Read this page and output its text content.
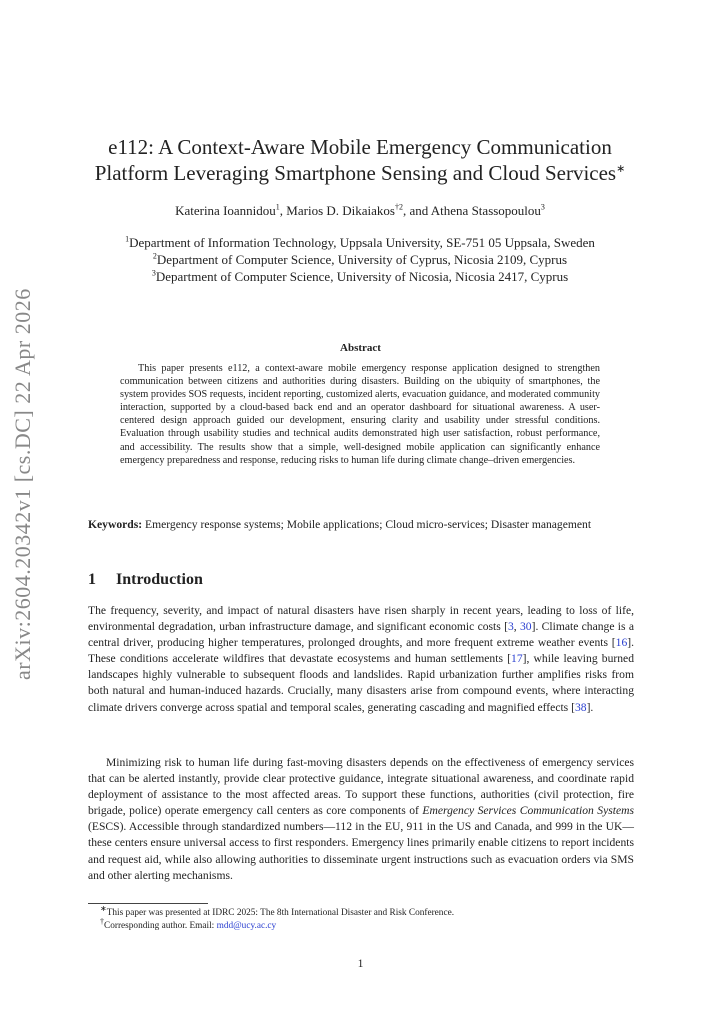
arXiv:2604.20342v1 [cs.DC] 22 Apr 2026
e112: A Context-Aware Mobile Emergency Communication
Platform Leveraging Smartphone Sensing and Cloud Services∗
Katerina Ioannidou$^1$, Marios D. Dikaiakos$^{\dagger 2}$, and Athena Stassopoulou$^3$
$^1$Department of Information Technology, Uppsala University, SE-751 05 Uppsala, Sweden
$^2$Department of Computer Science, University of Cyprus, Nicosia 2109, Cyprus
$^3$Department of Computer Science, University of Nicosia, Nicosia 2417, Cyprus
Abstract
This paper presents e112, a context-aware mobile emergency response application designed to strengthen communication between citizens and authorities during disasters. Building on the ubiquity of smartphones, the system provides SOS requests, incident reporting, customized alerts, evacuation guidance, and moderated community interaction, supported by a cloud-based back end and an operator dashboard for situational awareness. A user-centered design approach guided our development, ensuring clarity and usability under stressful conditions. Evaluation through usability studies and technical audits demonstrated high user satisfaction, robust performance, and accessibility. The results show that a simple, well-designed mobile application can significantly enhance emergency preparedness and response, reducing risks to human life during climate change–driven emergencies.
Keywords: Emergency response systems; Mobile applications; Cloud micro-services; Disaster management
1 Introduction
The frequency, severity, and impact of natural disasters have risen sharply in recent years, leading to loss of life, environmental degradation, urban infrastructure damage, and significant economic costs [3, 30]. Climate change is a central driver, producing higher temperatures, prolonged droughts, and more frequent extreme weather events [16]. These conditions accelerate wildfires that devastate ecosystems and human settlements [17], while leaving burned landscapes highly vulnerable to subsequent floods and landslides. Rapid urbanization further amplifies risks from both natural and human-induced hazards. Crucially, many disasters arise from compound events, where interacting climate drivers converge across spatial and temporal scales, generating cascading and magnified effects [38].
Minimizing risk to human life during fast-moving disasters depends on the effectiveness of emergency services that can be alerted instantly, provide clear protective guidance, integrate situational awareness, and coordinate rapid deployment of assistance to the most affected areas. To support these functions, authorities (civil protection, fire brigade, police) operate emergency call centers as core components of Emergency Services Communication Systems (ESCS). Accessible through standardized numbers—112 in the EU, 911 in the US and Canada, and 999 in the UK—these centers ensure universal access to first responders. Emergency lines primarily enable citizens to report incidents and request aid, while also allowing authorities to disseminate urgent instructions such as evacuation orders via SMS and other alerting mechanisms.
∗This paper was presented at IDRC 2025: The 8th International Disaster and Risk Conference.
†Corresponding author. Email: mdd@ucy.ac.cy
1
